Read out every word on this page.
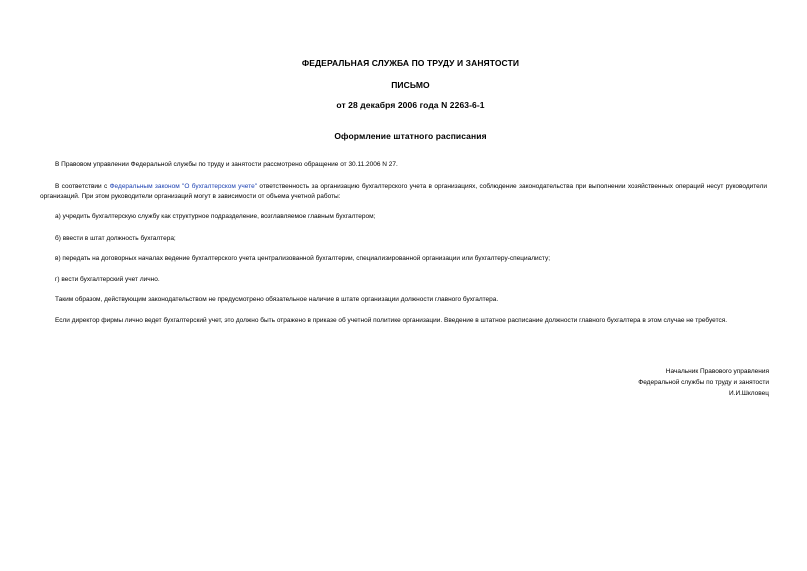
ФЕДЕРАЛЬНАЯ СЛУЖБА ПО ТРУДУ И ЗАНЯТОСТИ
ПИСЬМО
от 28 декабря 2006 года N 2263-6-1
Оформление штатного расписания
В Правовом управлении Федеральной службы по труду и занятости рассмотрено обращение от 30.11.2006 N 27.
В соответствии с Федеральным законом "О бухгалтерском учете" ответственность за организацию бухгалтерского учета в организациях, соблюдение законодательства при выполнении хозяйственных операций несут руководители организаций. При этом руководители организаций могут в зависимости от объема учетной работы:
а) учредить бухгалтерскую службу как структурное подразделение, возглавляемое главным бухгалтером;
б) ввести в штат должность бухгалтера;
в) передать на договорных началах ведение бухгалтерского учета централизованной бухгалтерии, специализированной организации или бухгалтеру-специалисту;
г) вести бухгалтерский учет лично.
Таким образом, действующим законодательством не предусмотрено обязательное наличие в штате организации должности главного бухгалтера.
Если директор фирмы лично ведет бухгалтерский учет, это должно быть отражено в приказе об учетной политике организации. Введение в штатное расписание должности главного бухгалтера в этом случае не требуется.
Начальник Правового управления
Федеральной службы по труду и занятости
И.И.Шкловец
